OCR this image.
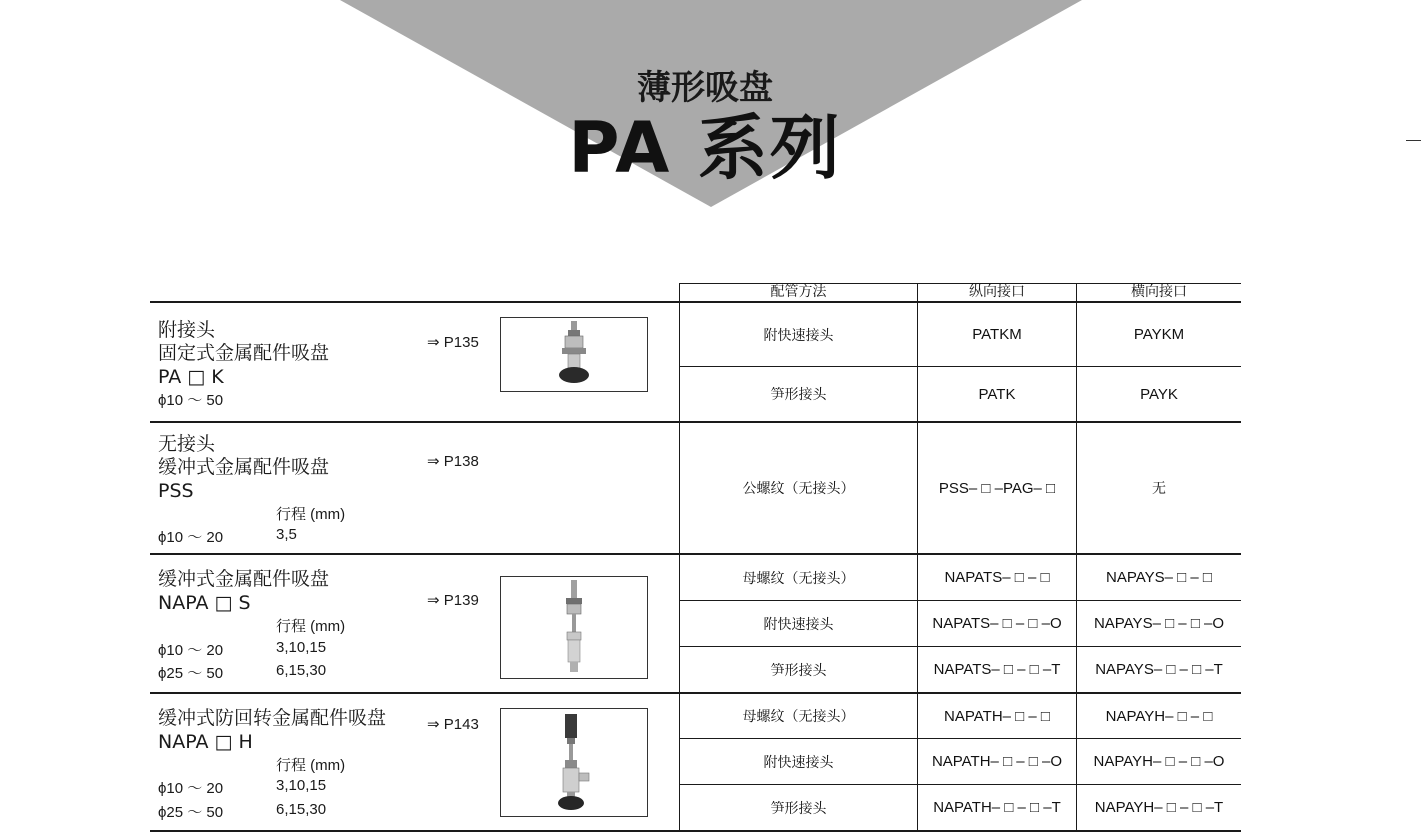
薄形吸盘
PA 系列
配管方法	纵向接口	横向接口
附接头
固定式金属配件吸盘
PA □ K
ϕ10 ～ 50
⇒ P135	附快速接头	PATKM	PAYKM
笋形接头	PATK	PAYK
无接头
缓冲式金属配件吸盘
PSS
行程 (mm)
ϕ10 ～ 20	3,5
⇒ P138
公螺纹（无接头）	PSS– □ –PAG– □	无
缓冲式金属配件吸盘
NAPA □ S
行程 (mm)
ϕ10 ～ 20	3,10,15
ϕ25 ～ 50	6,15,30
⇒ P139
母螺纹（无接头）	NAPATS– □ – □	NAPAYS– □ – □
附快速接头	NAPATS– □ – □ –O	NAPAYS– □ – □ –O
笋形接头	NAPATS– □ – □ –T	NAPAYS– □ – □ –T
缓冲式防回转金属配件吸盘
NAPA □ H
行程 (mm)
ϕ10 ～ 20	3,10,15
ϕ25 ～ 50	6,15,30
⇒ P143	母螺纹（无接头）	NAPATH– □ – □	NAPAYH– □ – □
附快速接头	NAPATH– □ – □ –O	NAPAYH– □ – □ –O
笋形接头	NAPATH– □ – □ –T	NAPAYH– □ – □ –T
